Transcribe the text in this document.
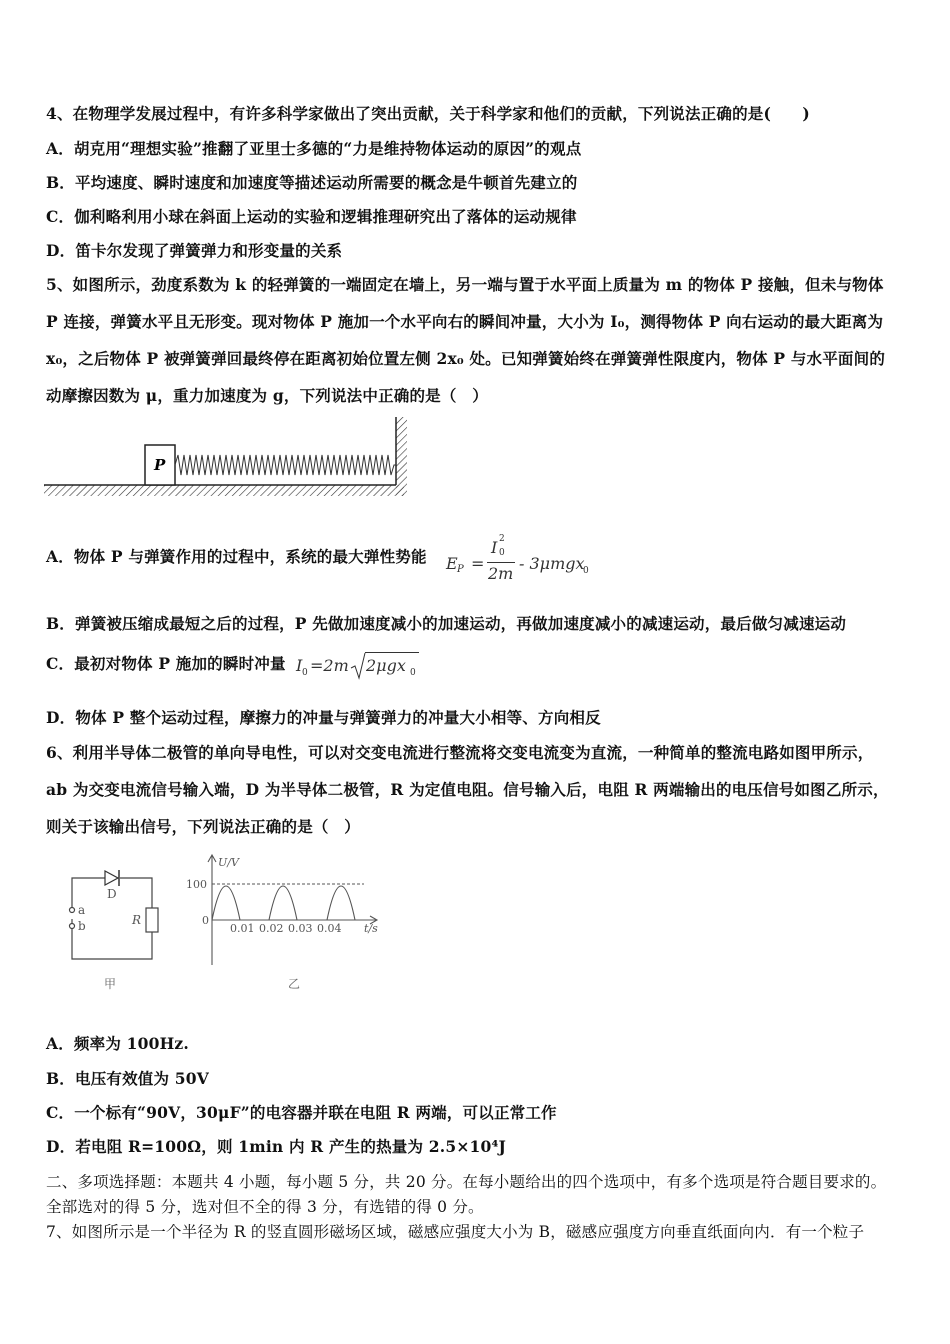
4、在物理学发展过程中，有许多科学家做出了突出贡献，关于科学家和他们的贡献，下列说法正确的是(　　)
A．胡克用“理想实验”推翻了亚里士多德的“力是维持物体运动的原因”的观点
B．平均速度、瞬时速度和加速度等描述运动所需要的概念是牛顿首先建立的
C．伽利略利用小球在斜面上运动的实验和逻辑推理研究出了落体的运动规律
D．笛卡尔发现了弹簧弹力和形变量的关系
5、如图所示，劲度系数为 k 的轻弹簧的一端固定在墙上，另一端与置于水平面上质量为 m 的物体 P 接触，但未与物体
P 连接，弹簧水平且无形变。现对物体 P 施加一个水平向右的瞬间冲量，大小为 I₀，测得物体 P 向右运动的最大距离为
x₀，之后物体 P 被弹簧弹回最终停在距离初始位置左侧 2x₀ 处。已知弹簧始终在弹簧弹性限度内，物体 P 与水平面间的
动摩擦因数为 μ，重力加速度为 g，下列说法中正确的是（　）
P
A．物体 P 与弹簧作用的过程中，系统的最大弹性势能 E P =
I 2
0
2m
- 3μmgx
0
B．弹簧被压缩成最短之后的过程，P 先做加速度减小的加速运动，再做加速度减小的减速运动，最后做匀减速运动
C．最初对物体 P 施加的瞬时冲量 I 0 =2m 2μgx 0
D．物体 P 整个运动过程，摩擦力的冲量与弹簧弹力的冲量大小相等、方向相反
6、利用半导体二极管的单向导电性，可以对交变电流进行整流将交变电流变为直流，一种简单的整流电路如图甲所示，
ab 为交变电流信号输入端，D 为半导体二极管，R 为定值电阻。信号输入后，电阻 R 两端输出的电压信号如图乙所示，
则关于该输出信号，下列说法正确的是（　）
D
a
b	R
甲
U/V
100
0
0.01 0.02 0.03 0.04 t/s
乙
A．频率为 100Hz.
B．电压有效值为 50V
C．一个标有“90V，30μF”的电容器并联在电阻 R 两端，可以正常工作
D．若电阻 R=100Ω，则 1min 内 R 产生的热量为 2.5×10⁴J
二、多项选择题：本题共 4 小题，每小题 5 分，共 20 分。在每小题给出的四个选项中，有多个选项是符合题目要求的。
全部选对的得 5 分，选对但不全的得 3 分，有选错的得 0 分。
7、如图所示是一个半径为 R 的竖直圆形磁场区域，磁感应强度大小为 B，磁感应强度方向垂直纸面向内．有一个粒子
